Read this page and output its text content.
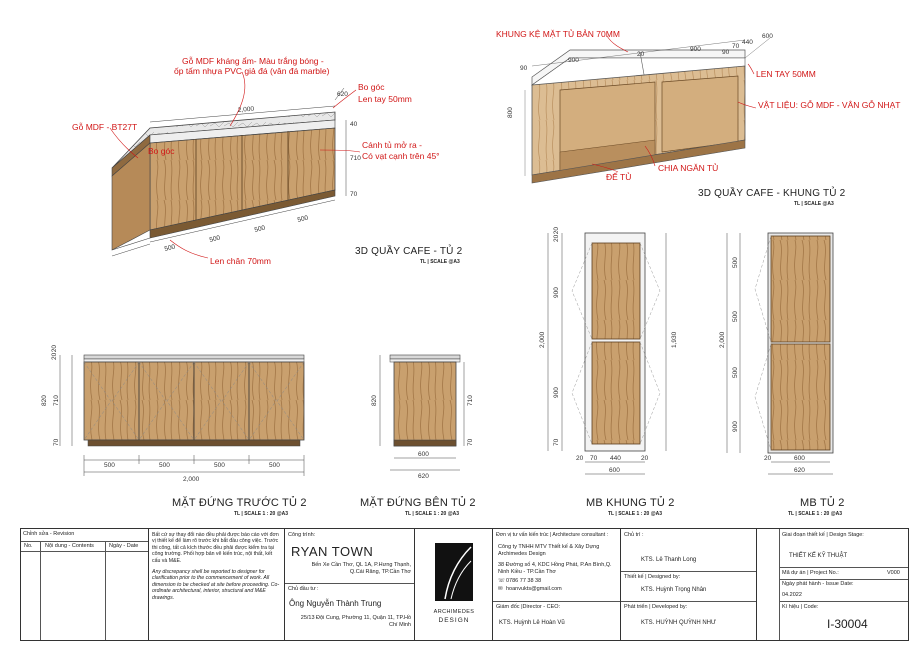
2,000
620
40
710
70
500
500
500
500
90
900
20
900	90
70
440
600
800
20 20
820 710
70
500	500	500	500
2,000
820	710
70
600
620
20 20
900
2,000
900
1,930
70
20 70 440	20
600
500
500
2,000
500
900
20	600
620
Gỗ MDF kháng ẩm- Màu trắng bóng -
ốp tấm nhựa PVC giả đá (vân đá marble)
Bo góc
Len tay 50mm
Cánh tủ mở ra -
Có vạt cạnh trên 45°
Gỗ MDF - BT27T
Bo góc
Len chân 70mm
KHUNG KỆ MẶT TỦ BẢN 70MM
LEN TAY 50MM
VẬT LIỆU: GỖ MDF - VÂN GỖ NHẠT
ĐẾ TỦ
CHIA NGĂN TỦ
3D QUẦY CAFE - TỦ 2
TL | SCALE @A3
3D QUẦY CAFE - KHUNG TỦ 2
TL | SCALE @A3
MẶT ĐỨNG TRƯỚC TỦ 2
TL | SCALE 1 : 20 @A3
MẶT ĐỨNG BÊN TỦ 2
TL | SCALE 1 : 20 @A3
MB KHUNG TỦ 2
TL | SCALE 1 : 20 @A3
MB TỦ 2
TL | SCALE 1 : 20 @A3
Chỉnh sửa - Revision
No. Nội dung - Contents	Ngày - Date
Bất cứ sự thay đổi nào đều phải được báo cáo với đơn vị thiết kế để làm rõ trước khi bắt đầu công việc. Trước thi công, tất cả kích thước đều phải được kiểm tra tại công trường. Phối hợp bản vẽ kiến trúc, nội thất, kết cấu và M&E.
Any discrepancy shell be reported to designer for clarification prior to the commencement of work. All dimension to be checked at site before proceeding. Co-ordinate architectural, interior, structural and M&E drawings.
Công trình:
RYAN TOWN
Bến Xe Cần Thơ, QL 1A, P.Hưng Thạnh, Q.Cái Răng, TP.Cần Thơ
Chủ đầu tư :
Ông Nguyễn Thành Trung
25/13 Đội Cung, Phường 11, Quận 11, TP.Hồ Chí Minh
ARCHIMEDES
DESIGN
Đơn vị tư vấn kiến trúc | Architecture consultant :
Công ty TNHH MTV Thiết kế & Xây Dựng Archimedes Design
38 Đường số 4, KDC Hồng Phát, P.An Bình,Q. Ninh Kiều - TP.Cần Thơ
☏ 0786 77 38 38
✉ hoanvukts@gmail.com
Giám đốc |Director - CEO:
KTS. Huỳnh Lê Hoàn Vũ
Chủ trì :
KTS. Lê Thanh Long
Thiết kế | Designed by:
KTS. Huỳnh Trọng Nhân
Phát triển | Developed by:
KTS. HUỲNH QUỲNH NHƯ
Giai đoạn thiết kế | Design Stage:
THIẾT KẾ KỸ THUẬT
Mã dự án | Project No.:	V000
Ngày phát hành - Issue Date:
04.2022
Kí hiệu | Code:
I-30004
